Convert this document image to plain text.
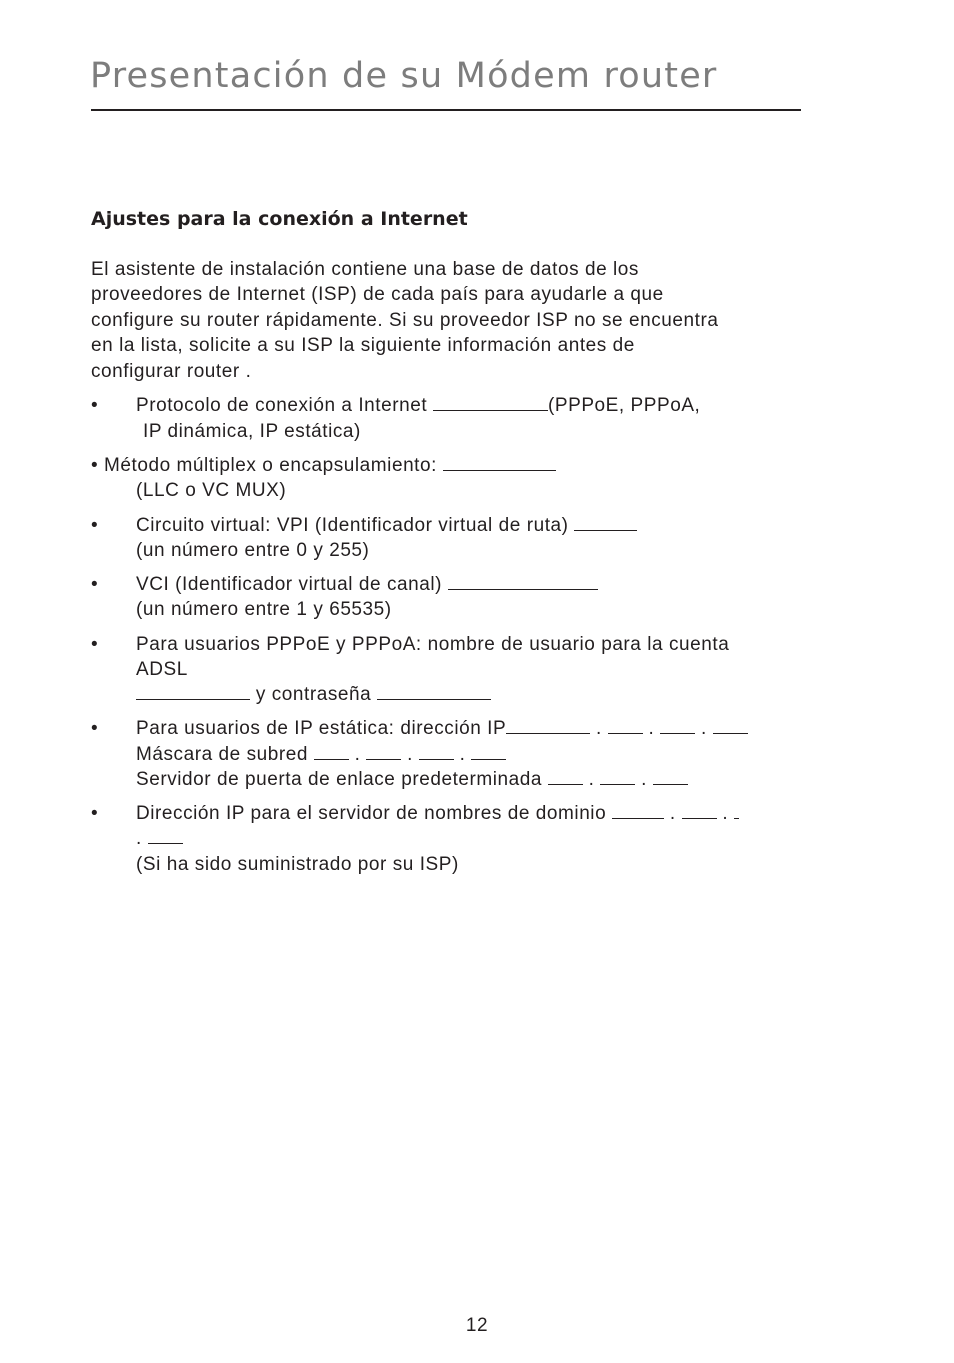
Presentación de su Módem router
Ajustes para la conexión a Internet
El asistente de instalación contiene una base de datos de los
proveedores de Internet (ISP) de cada país para ayudarle a que
configure su router rápidamente. Si su proveedor ISP no se encuentra
en la lista, solicite a su ISP la siguiente información antes de
configurar router .
• Protocolo de conexión a Internet	(PPPoE, PPPoA,
IP dinámica, IP estática)
• Método múltiplex o encapsulamiento:
(LLC o VC MUX)
• Circuito virtual: VPI (Identificador virtual de ruta)
(un número entre 0 y 255)
• VCI (Identificador virtual de canal)
(un número entre 1 y 65535)
• Para usuarios PPPoE y PPPoA: nombre de usuario para la cuenta
ADSL
y contraseña
• Para usuarios de IP estática: dirección IP	.  .  .
Máscara de subred  .  .  .
Servidor de puerta de enlace predeterminada  .  .
• Dirección IP para el servidor de nombres de dominio	.  .
.
(Si ha sido suministrado por su ISP)
12
